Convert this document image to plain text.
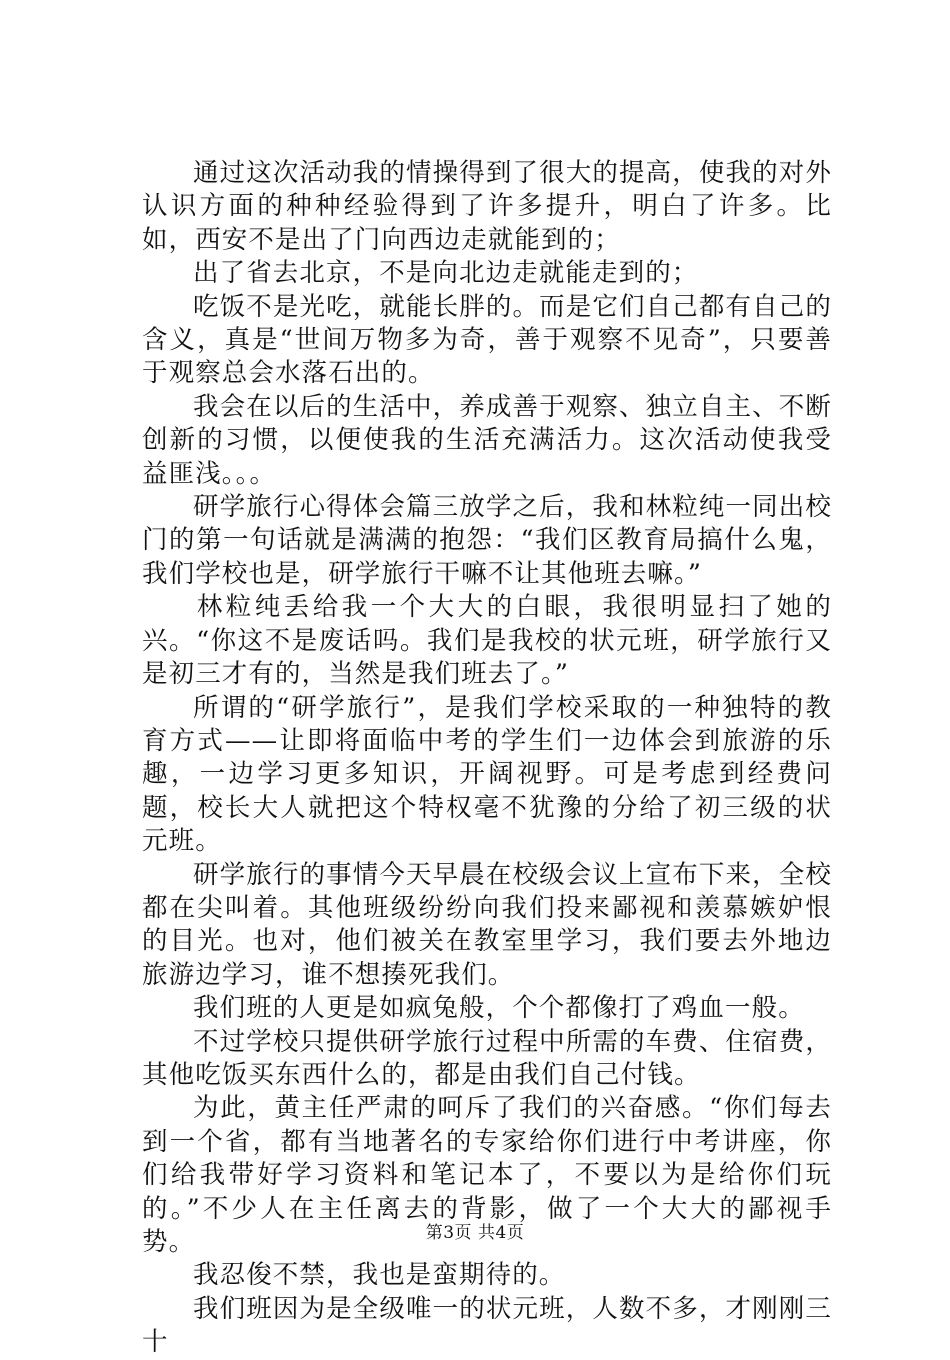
通过这次活动我的情操得到了很大的提高，使我的对外认识方面的种种经验得到了许多提升，明白了许多。比如，西安不是出了门向西边走就能到的；

出了省去北京，不是向北边走就能走到的；

吃饭不是光吃，就能长胖的。而是它们自己都有自己的含义，真是“世间万物多为奇，善于观察不见奇”，只要善于观察总会水落石出的。

我会在以后的生活中，养成善于观察、独立自主、不断创新的习惯，以便使我的生活充满活力。这次活动使我受益匪浅。。。

研学旅行心得体会篇三放学之后，我和林粒纯一同出校门的第一句话就是满满的抱怨：“我们区教育局搞什么鬼，我们学校也是，研学旅行干嘛不让其他班去嘛。”

林粒纯丢给我一个大大的白眼，我很明显扫了她的兴。“你这不是废话吗。我们是我校的状元班，研学旅行又是初三才有的，当然是我们班去了。”

所谓的“研学旅行”，是我们学校采取的一种独特的教育方式——让即将面临中考的学生们一边体会到旅游的乐趣，一边学习更多知识，开阔视野。可是考虑到经费问题，校长大人就把这个特权毫不犹豫的分给了初三级的状元班。

研学旅行的事情今天早晨在校级会议上宣布下来，全校都在尖叫着。其他班级纷纷向我们投来鄙视和羡慕嫉妒恨的目光。也对，他们被关在教室里学习，我们要去外地边旅游边学习，谁不想揍死我们。

我们班的人更是如疯兔般，个个都像打了鸡血一般。

不过学校只提供研学旅行过程中所需的车费、住宿费，其他吃饭买东西什么的，都是由我们自己付钱。

为此，黄主任严肃的呵斥了我们的兴奋感。“你们每去到一个省，都有当地著名的专家给你们进行中考讲座，你们给我带好学习资料和笔记本了，不要以为是给你们玩的。”不少人在主任离去的背影，做了一个大大的鄙视手势。

我忍俊不禁，我也是蛮期待的。

我们班因为是全级唯一的状元班，人数不多，才刚刚三十

第3页 共4页
